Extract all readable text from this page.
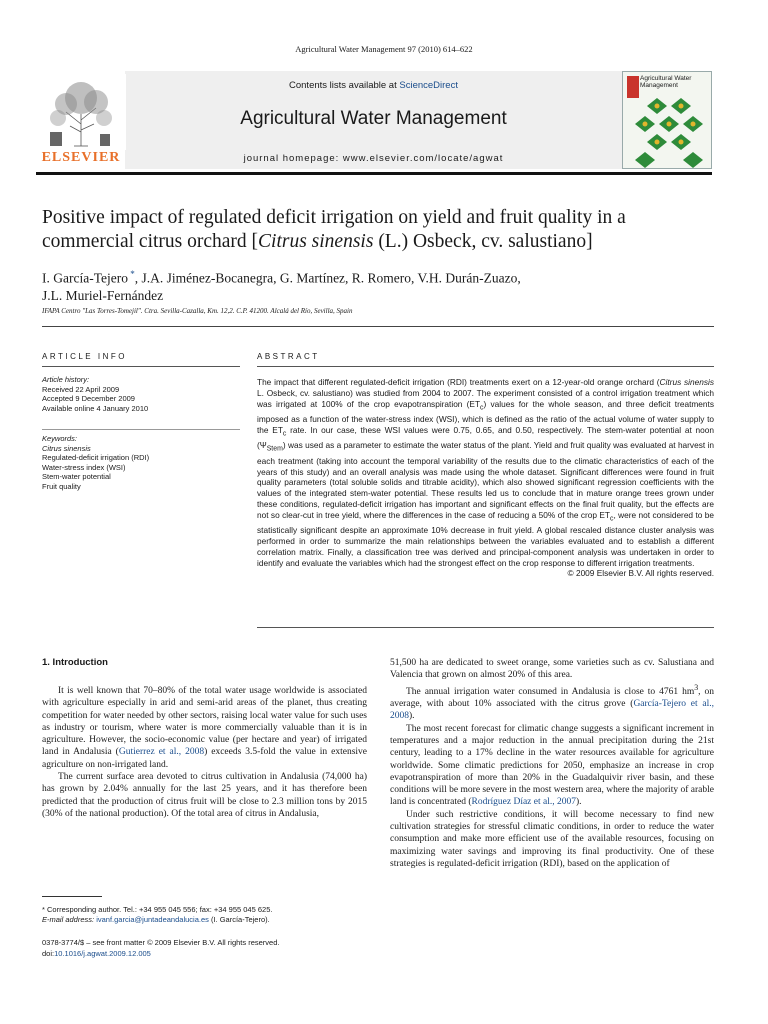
Agricultural Water Management 97 (2010) 614–622
Contents lists available at ScienceDirect
Agricultural Water Management
journal homepage: www.elsevier.com/locate/agwat
ELSEVIER
Agricultural Water Management
Positive impact of regulated deficit irrigation on yield and fruit quality in a commercial citrus orchard [Citrus sinensis (L.) Osbeck, cv. salustiano]
I. García-Tejero *, J.A. Jiménez-Bocanegra, G. Martínez, R. Romero, V.H. Durán-Zuazo,
J.L. Muriel-Fernández
IFAPA Centro "Las Torres-Tomejil". Ctra. Sevilla-Cazalla, Km. 12,2. C.P. 41200. Alcalá del Río, Sevilla, Spain
ARTICLE INFO	ABSTRACT
Article history:
Received 22 April 2009
Accepted 9 December 2009
Available online 4 January 2010
Keywords:
Citrus sinensis
Regulated-deficit irrigation (RDI)
Water-stress index (WSI)
Stem-water potential
Fruit quality
The impact that different regulated-deficit irrigation (RDI) treatments exert on a 12-year-old orange orchard (Citrus sinensis L. Osbeck, cv. salustiano) was studied from 2004 to 2007. The experiment consisted of a control irrigation treatment which was irrigated at 100% of the crop evapotranspiration $(ET_c)$ values for the whole season, and three deficit treatments imposed as a function of the water-stress index (WSI), which is defined as the ratio of the actual volume of water supply to the $ET_c$ rate. In our case, these WSI values were 0.75, 0.65, and 0.50, respectively. The stem-water potential at noon $(\Psi_{Stem})$ was used as a parameter to estimate the water status of the plant. Yield and fruit quality was evaluated at harvest in each treatment (taking into account the temporal variability of the results due to the climatic characteristics of each of the years of this study) and an overall analysis was made using the whole dataset. Significant differences were found in fruit quality parameters (total soluble solids and titrable acidity), which also showed significant regression coefficients with the values of the integrated stem-water potential. These results led us to conclude that in mature orange trees grown under these conditions, regulated-deficit irrigation has important and significant effects on the final fruit quality, but the effects are not so clear-cut in tree yield, where the differences in the case of reducing a 50% of the crop $ET_c$, were not considered to be statistically significant despite an approximate 10% decrease in fruit yield. A global rescaled distance cluster analysis was performed in order to summarize the main relationships between the variables evaluated and to establish a different correlation matrix. Finally, a classification tree was derived and principal-component analysis was undertaken in order to identify and evaluate the variables which had the strongest effect on the crop response to different irrigation treatments.
© 2009 Elsevier B.V. All rights reserved.
1. Introduction

It is well known that 70–80% of the total water usage worldwide is associated with agriculture especially in arid and semi-arid areas of the planet, thus creating competition for water needed by other sectors, raising local water value for such uses as industry or tourism, where water is more commercially valuable than it is in agriculture. However, the socio-economic value (per hectare and year) of irrigated land in Andalusia (Gutierrez et al., 2008) exceeds 3.5-fold the value in extensive agriculture on non-irrigated land.

The current surface area devoted to citrus cultivation in Andalusia (74,000 ha) has grown by 2.04% annually for the last 25 years, and it has therefore been predicted that the production of citrus fruit will be close to 2.3 million tons by 2015 (30% of the national production). Of the total area of citrus in Andalusia,

51,500 ha are dedicated to sweet orange, some varieties such as cv. Salustiana and Valencia that grown on almost 20% of this area.

The annual irrigation water consumed in Andalusia is close to 4761 $hm^3$, on average, with about 10% associated with the citrus grove (García-Tejero et al., 2008).

The most recent forecast for climatic change suggests a significant increment in temperatures and a major reduction in the annual precipitation during the 21st century, leading to a 17% decline in the water resources available for agriculture worldwide. Some climatic predictions for 2050, emphasize an increase in crop evapotranspiration of more than 20% in the Guadalquivir river basin, and these conditions will be more severe in the most western area, where the majority of arable land is concentrated (Rodríguez Díaz et al., 2007).

Under such restrictive conditions, it will become necessary to find new cultivation strategies for stressful climatic conditions, in order to reduce the water consumption and make more efficient use of the available resources, focusing on maximizing water savings and improving its final productivity. One of these strategies is regulated-deficit irrigation (RDI), based on the application of

* Corresponding author. Tel.: +34 955 045 556; fax: +34 955 045 625.
E-mail address: ivanf.garcia@juntadeandalucia.es (I. García-Tejero).
0378-3774/$ – see front matter © 2009 Elsevier B.V. All rights reserved.
doi:10.1016/j.agwat.2009.12.005
